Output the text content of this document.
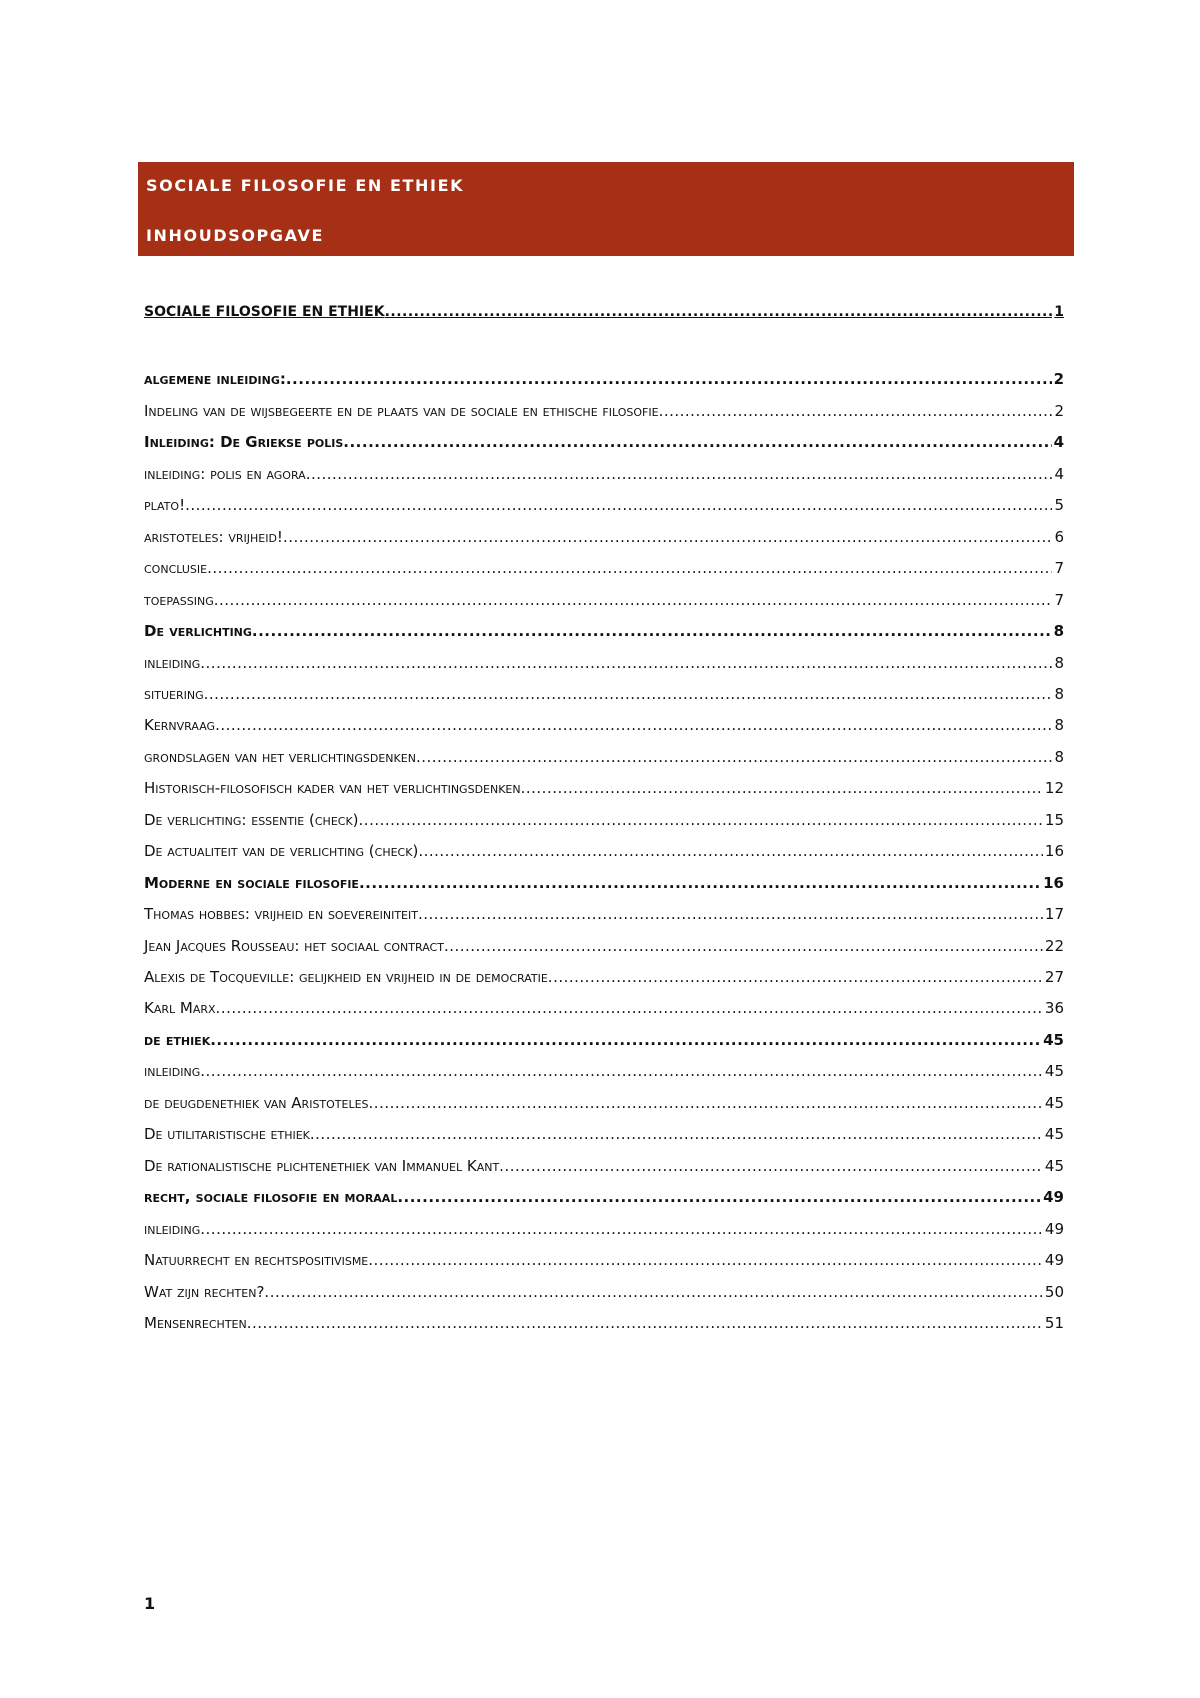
SOCIALE FILOSOFIE EN ETHIEK
INHOUDSOPGAVE
SOCIALE FILOSOFIE EN ETHIEK .....	1
algemene inleiding: .....	2
Indeling van de wijsbegeerte en de plaats van de sociale en ethische filosofie .....	2
Inleiding: De Griekse polis .....	4
inleiding: polis en agora .....	4
plato! .....	5
aristoteles: vrijheid! .....	6
conclusie .....	7
toepassing .....	7
De verlichting .....	8
inleiding .....	8
situering .....	8
Kernvraag .....	8
grondslagen van het verlichtingsdenken .....	8
Historisch-filosofisch kader van het verlichtingsdenken .....	12
De verlichting: essentie (check) .....	15
De actualiteit van de verlichting (check) .....	16
Moderne en sociale filosofie .....	16
Thomas hobbes: vrijheid en soevereiniteit .....	17
Jean Jacques Rousseau: het sociaal contract .....	22
Alexis de Tocqueville: gelijkheid en vrijheid in de democratie .....	27
Karl Marx .....	36
de ethiek .....	45
inleiding .....	45
de deugdenethiek van Aristoteles .....	45
De utilitaristische ethiek .....	45
De rationalistische plichtenethiek van Immanuel Kant .....	45
recht, sociale filosofie en moraal .....	49
inleiding .....	49
Natuurrecht en rechtspositivisme .....	49
Wat zijn rechten? .....	50
Mensenrechten .....	51
1
